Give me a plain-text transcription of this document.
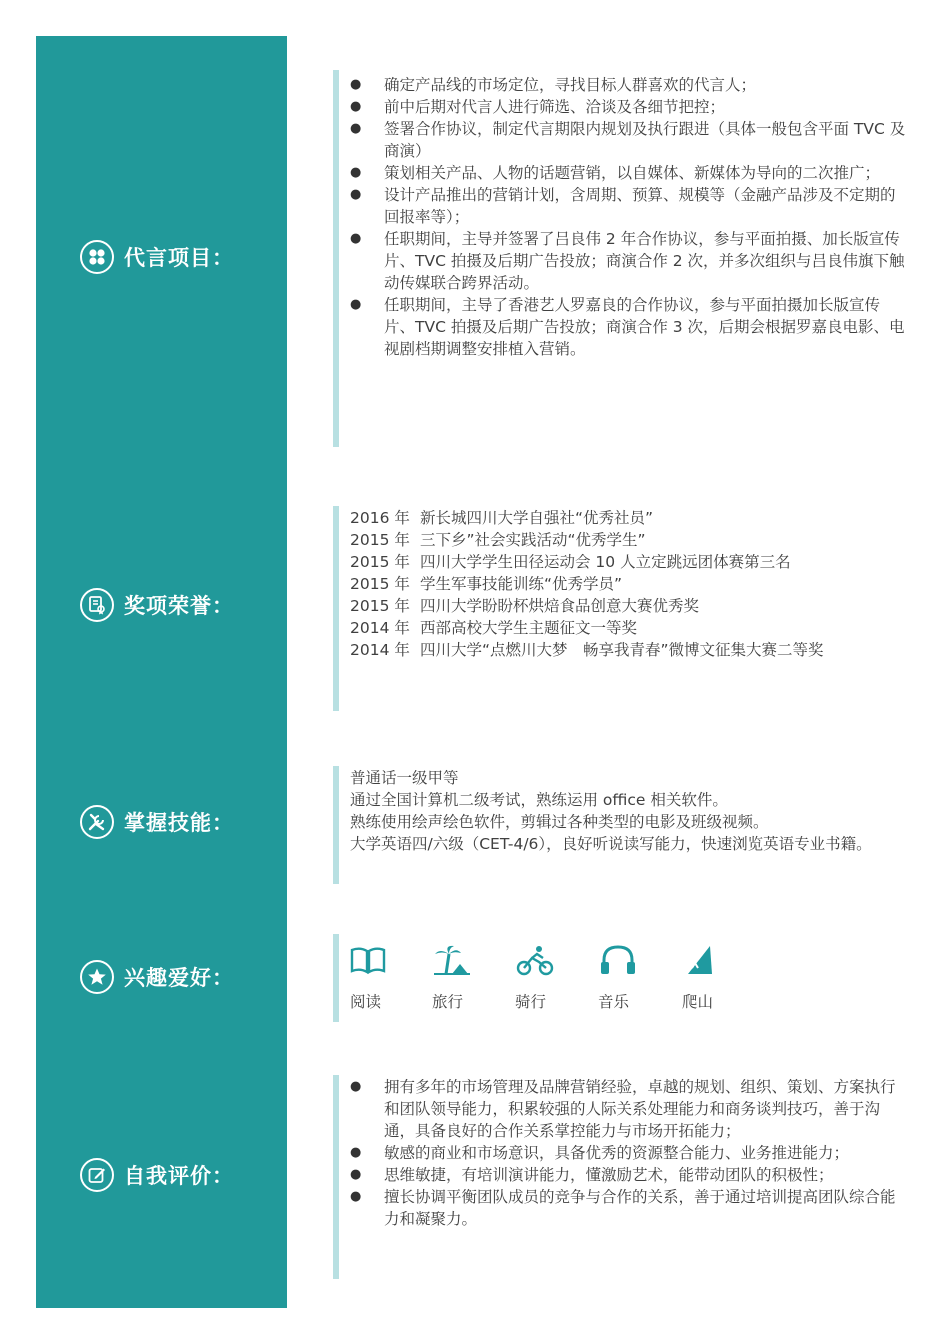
代言项目：
奖项荣誉：
掌握技能：
兴趣爱好：
自我评价：
● 确定产品线的市场定位，寻找目标人群喜欢的代言人；
● 前中后期对代言人进行筛选、洽谈及各细节把控；
● 签署合作协议，制定代言期限内规划及执行跟进（具体一般包含平面 TVC 及商演）
● 策划相关产品、人物的话题营销，以自媒体、新媒体为导向的二次推广；
● 设计产品推出的营销计划，含周期、预算、规模等（金融产品涉及不定期的回报率等）；
● 任职期间，主导并签署了吕良伟 2 年合作协议，参与平面拍摄、加长版宣传片、TVC 拍摄及后期广告投放；商演合作 2 次，并多次组织与吕良伟旗下触动传媒联合跨界活动。
● 任职期间，主导了香港艺人罗嘉良的合作协议，参与平面拍摄加长版宣传片、TVC 拍摄及后期广告投放；商演合作 3 次，后期会根据罗嘉良电影、电视剧档期调整安排植入营销。
2016 年 新长城四川大学自强社“优秀社员”
2015 年 三下乡”社会实践活动“优秀学生”
2015 年 四川大学学生田径运动会 10 人立定跳远团体赛第三名
2015 年 学生军事技能训练“优秀学员”
2015 年 四川大学盼盼杯烘焙食品创意大赛优秀奖
2014 年 西部高校大学生主题征文一等奖
2014 年 四川大学“点燃川大梦　畅享我青春”微博文征集大赛二等奖
普通话一级甲等
通过全国计算机二级考试，熟练运用 office 相关软件。
熟练使用绘声绘色软件，剪辑过各种类型的电影及班级视频。
大学英语四/六级（CET-4/6），良好听说读写能力，快速浏览英语专业书籍。
阅读	旅行	骑行	音乐	爬山
● 拥有多年的市场管理及品牌营销经验，卓越的规划、组织、策划、方案执行和团队领导能力，积累较强的人际关系处理能力和商务谈判技巧，善于沟通，具备良好的合作关系掌控能力与市场开拓能力；
● 敏感的商业和市场意识，具备优秀的资源整合能力、业务推进能力；
● 思维敏捷，有培训演讲能力，懂激励艺术，能带动团队的积极性；
● 擅长协调平衡团队成员的竞争与合作的关系，善于通过培训提高团队综合能力和凝聚力。
